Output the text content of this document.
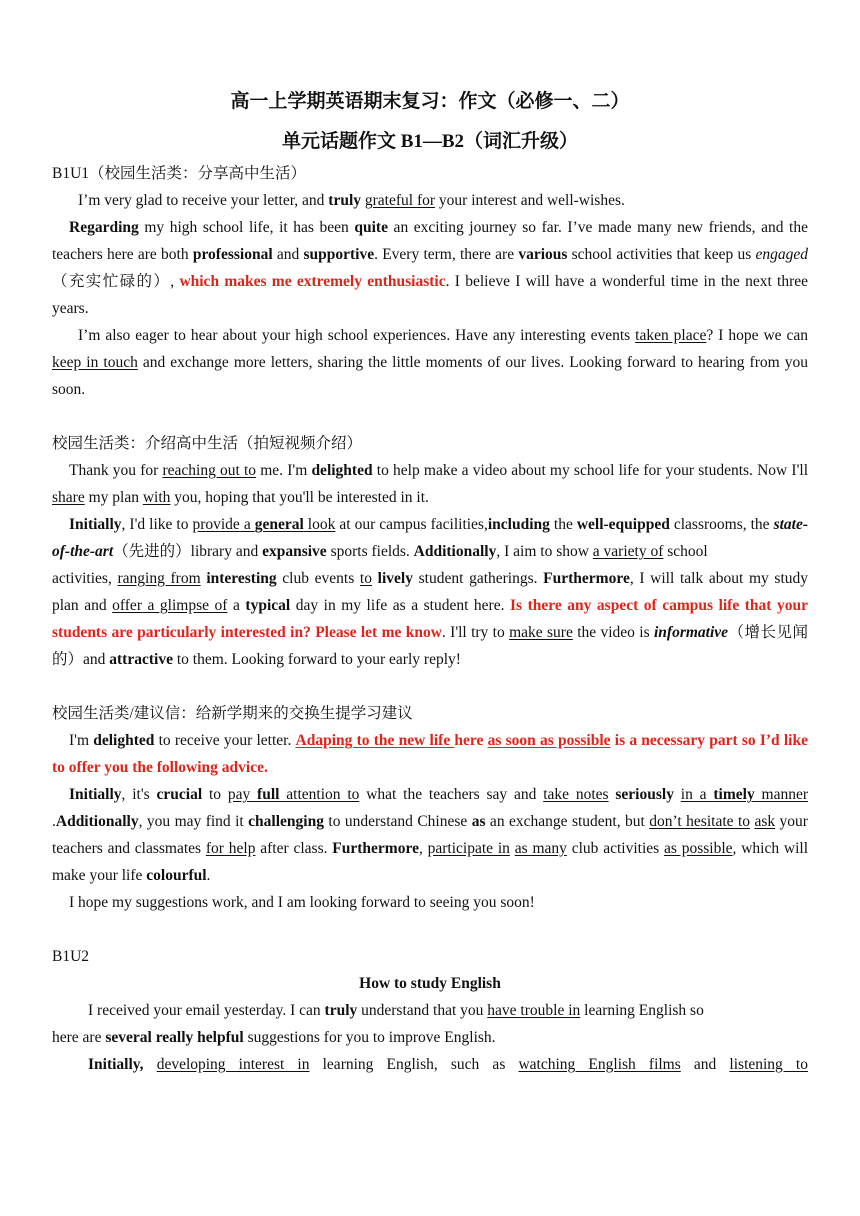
高一上学期英语期末复习：作文（必修一、二）

单元话题作文 B1—B2（词汇升级）

B1U1（校园生活类：分享高中生活）

I’m very glad to receive your letter, and truly grateful for your interest and well-wishes.

Regarding my high school life, it has been quite an exciting journey so far. I’ve made many new friends, and the teachers here are both professional and supportive. Every term, there are various school activities that keep us engaged（充实忙碌的）, which makes me extremely enthusiastic. I believe I will have a wonderful time in the next three years.

I’m also eager to hear about your high school experiences. Have any interesting events taken place? I hope we can keep in touch and exchange more letters, sharing the little moments of our lives. Looking forward to hearing from you soon.

校园生活类：介绍高中生活（拍短视频介绍）

Thank you for reaching out to me. I'm delighted to help make a video about my school life for your students. Now I'll share my plan with you, hoping that you'll be interested in it.

Initially, I'd like to provide a general look at our campus facilities,including the well-equipped classrooms, the state-of-the-art（先进的）library and expansive sports fields. Additionally, I aim to show a variety of school

activities, ranging from interesting club events to lively student gatherings. Furthermore, I will talk about my study plan and offer a glimpse of a typical day in my life as a student here. Is there any aspect of campus life that your students are particularly interested in? Please let me know. I'll try to make sure the video is informative（增长见闻的）and attractive to them. Looking forward to your early reply!

校园生活类/建议信：给新学期来的交换生提学习建议

I'm delighted to receive your letter. Adaping to the new life here as soon as possible is a necessary part so I’d like to offer you the following advice.

Initially, it's crucial to pay full attention to what the teachers say and take notes seriously in a timely manner .Additionally, you may find it challenging to understand Chinese as an exchange student, but don’t hesitate to ask your teachers and classmates for help after class. Furthermore, participate in as many club activities as possible, which will make your life colourful.

I hope my suggestions work, and I am looking forward to seeing you soon!

B1U2

How to study English

I received your email yesterday. I can truly understand that you have trouble in learning English so

here are several really helpful suggestions for you to improve English.

Initially, developing interest in learning English, such as watching English films and listening to
